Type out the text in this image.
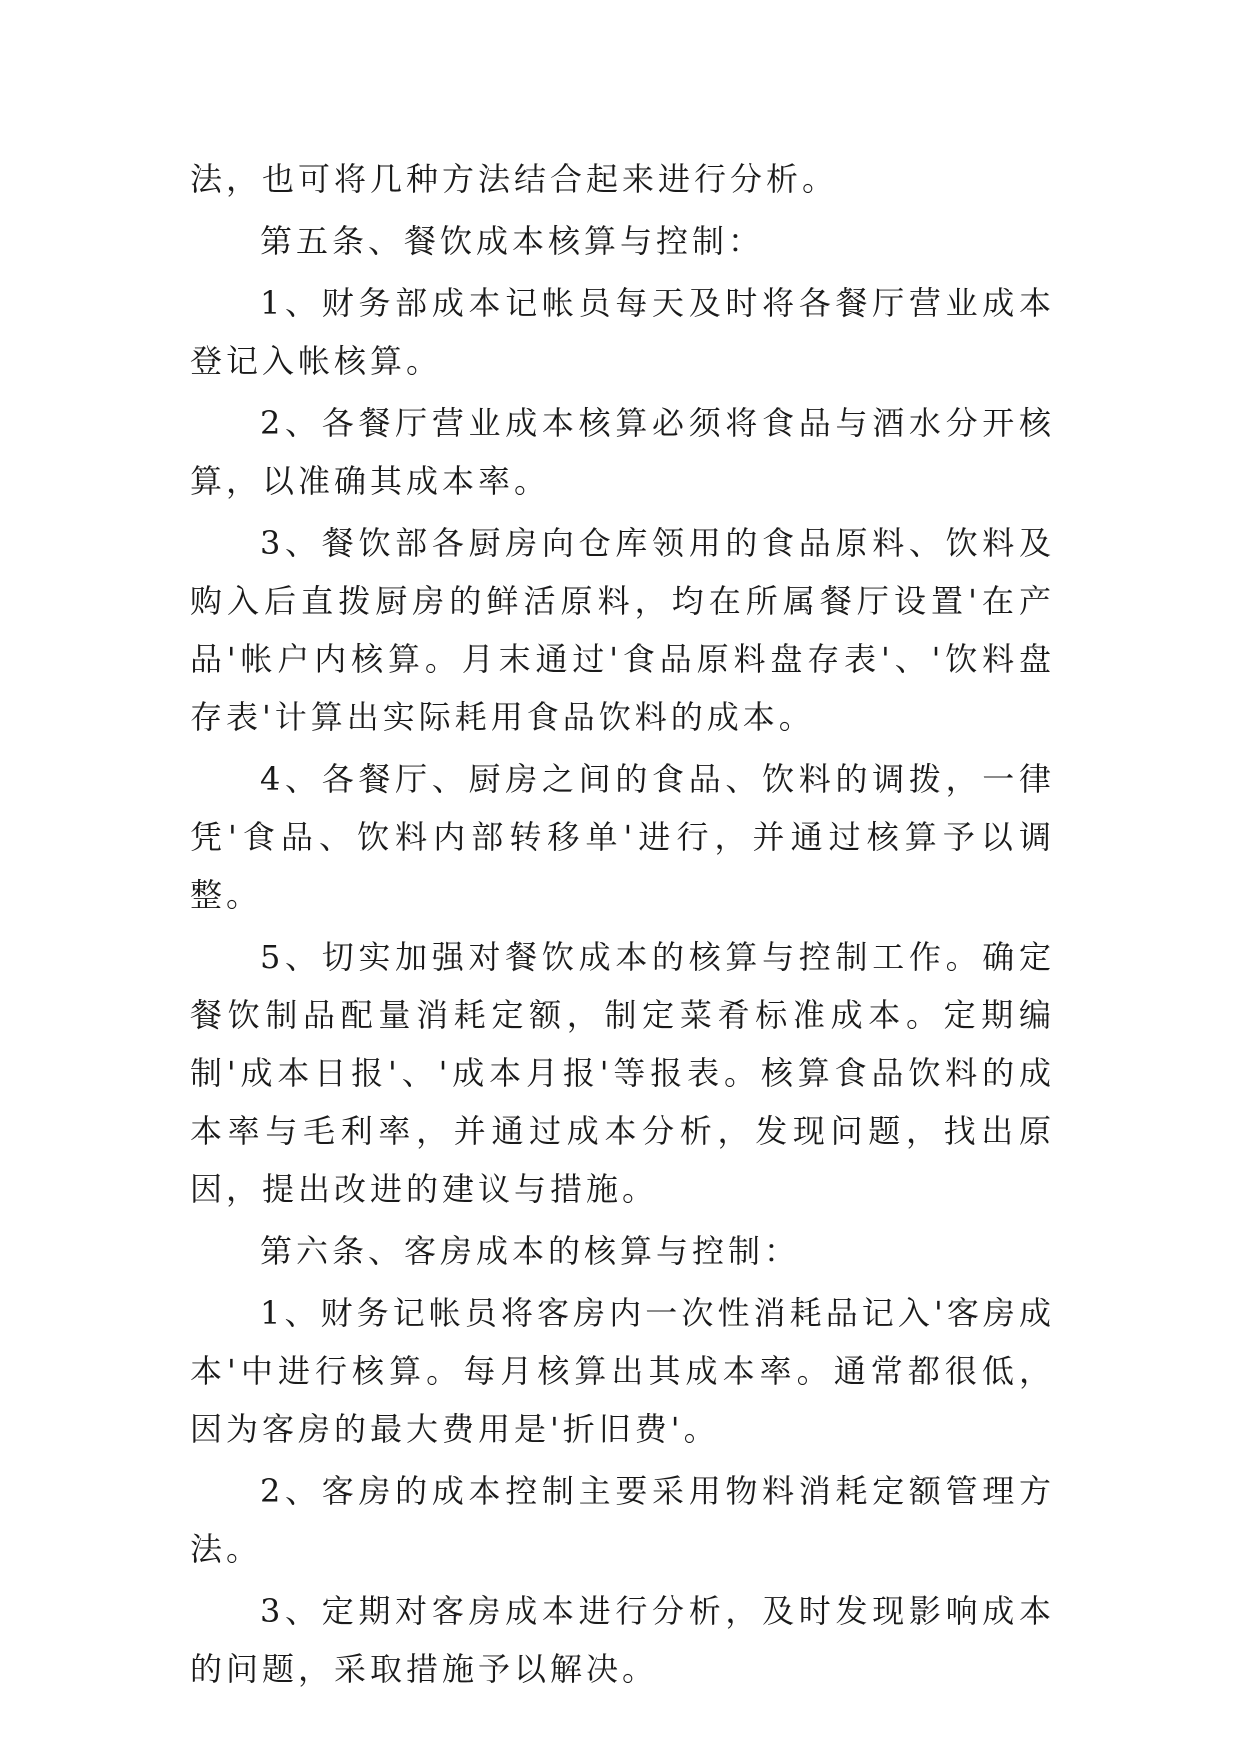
法，也可将几种方法结合起来进行分析。

第五条、餐饮成本核算与控制：

1、财务部成本记帐员每天及时将各餐厅营业成本登记入帐核算。

2、各餐厅营业成本核算必须将食品与酒水分开核算，以准确其成本率。

3、餐饮部各厨房向仓库领用的食品原料、饮料及购入后直拨厨房的鲜活原料，均在所属餐厅设置'在产品'帐户内核算。月末通过'食品原料盘存表'、'饮料盘存表'计算出实际耗用食品饮料的成本。

4、各餐厅、厨房之间的食品、饮料的调拨，一律凭'食品、饮料内部转移单'进行，并通过核算予以调整。

5、切实加强对餐饮成本的核算与控制工作。确定餐饮制品配量消耗定额，制定菜肴标准成本。定期编制'成本日报'、'成本月报'等报表。核算食品饮料的成本率与毛利率，并通过成本分析，发现问题，找出原因，提出改进的建议与措施。

第六条、客房成本的核算与控制：

1、财务记帐员将客房内一次性消耗品记入'客房成本'中进行核算。每月核算出其成本率。通常都很低，因为客房的最大费用是'折旧费'。

2、客房的成本控制主要采用物料消耗定额管理方法。

3、定期对客房成本进行分析，及时发现影响成本的问题，采取措施予以解决。
